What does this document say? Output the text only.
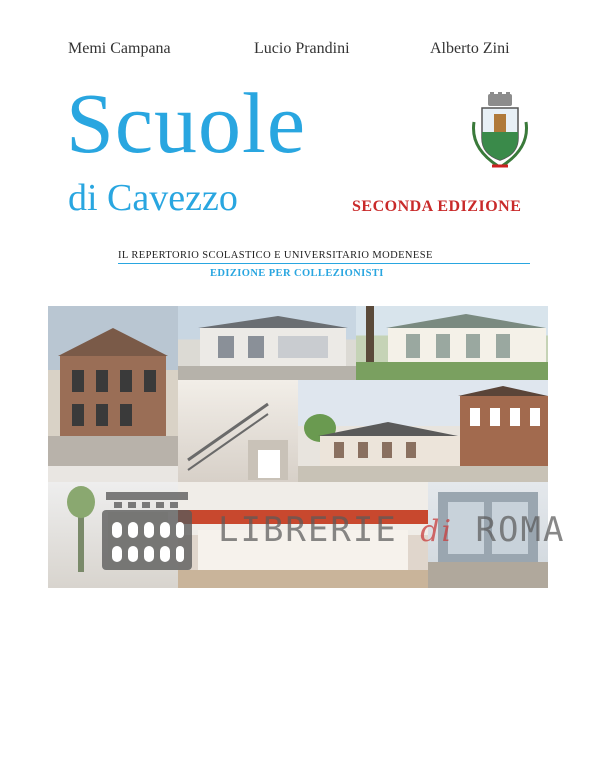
Memi Campana	Lucio Prandini	Alberto Zini
Scuole
di Cavezzo	SECONDA EDIZIONE
IL REPERTORIO SCOLASTICO E UNIVERSITARIO MODENESE
EDIZIONE PER COLLEZIONISTI
Edizioni Della Casa
LIBRERIE di ROMA
